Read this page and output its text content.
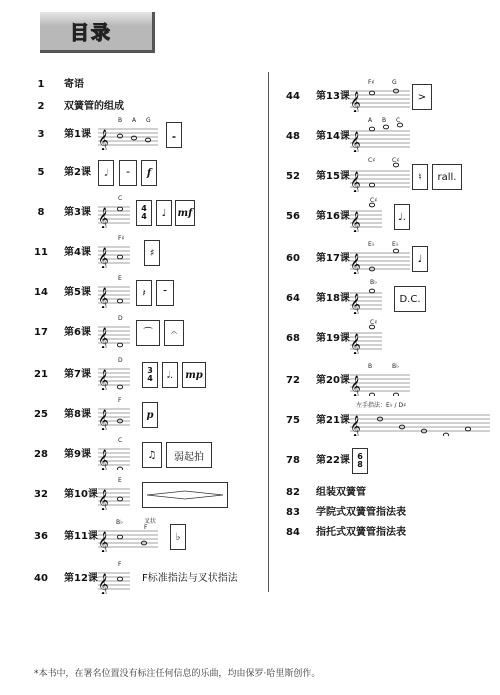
目录
1	寄语
2	双簧管的组成
3	第1课 𝄞
B A G
𝅝
5	第2课	𝅗𝅥	𝄼	f
8	第3课 𝄞
C
4
4	♩	mf
11	第4课 𝄞
F♯
♯
14	第5课 𝄞
E
𝄽	𝄻
17	第6课 𝄞
D
⁀	𝄐
21	第7课 𝄞
D
3
4	𝅗𝅥.	mp
25	第8课 𝄞
F
p
28	第9课 𝄞
C
♫	弱起拍
32	第10课 𝄞
E
36	第11课 𝄞
B♭	叉状
F
♭
40	第12课 𝄞
F
F标准指法与叉状指法
44	第13课 𝄞
F♯	G
>
48	第14课 𝄞
A B C
52	第15课 𝄞
C♯	C♯
♮	rall.
56	第16课 𝄞
C♯
♩.
60	第17课 𝄞
E♭	E♭
♩
64	第18课 𝄞
B♭
D.C.
68	第19课 𝄞
C♯
72	第20课 𝄞
B	B♭
75	第21课 𝄞
左手指法：E♭ / D♯
78	第22课 6
8
82	组装双簧管
83	学院式双簧管指法表
84	指托式双簧管指法表
*本书中，在署名位置没有标注任何信息的乐曲，均由保罗·哈里斯创作。
